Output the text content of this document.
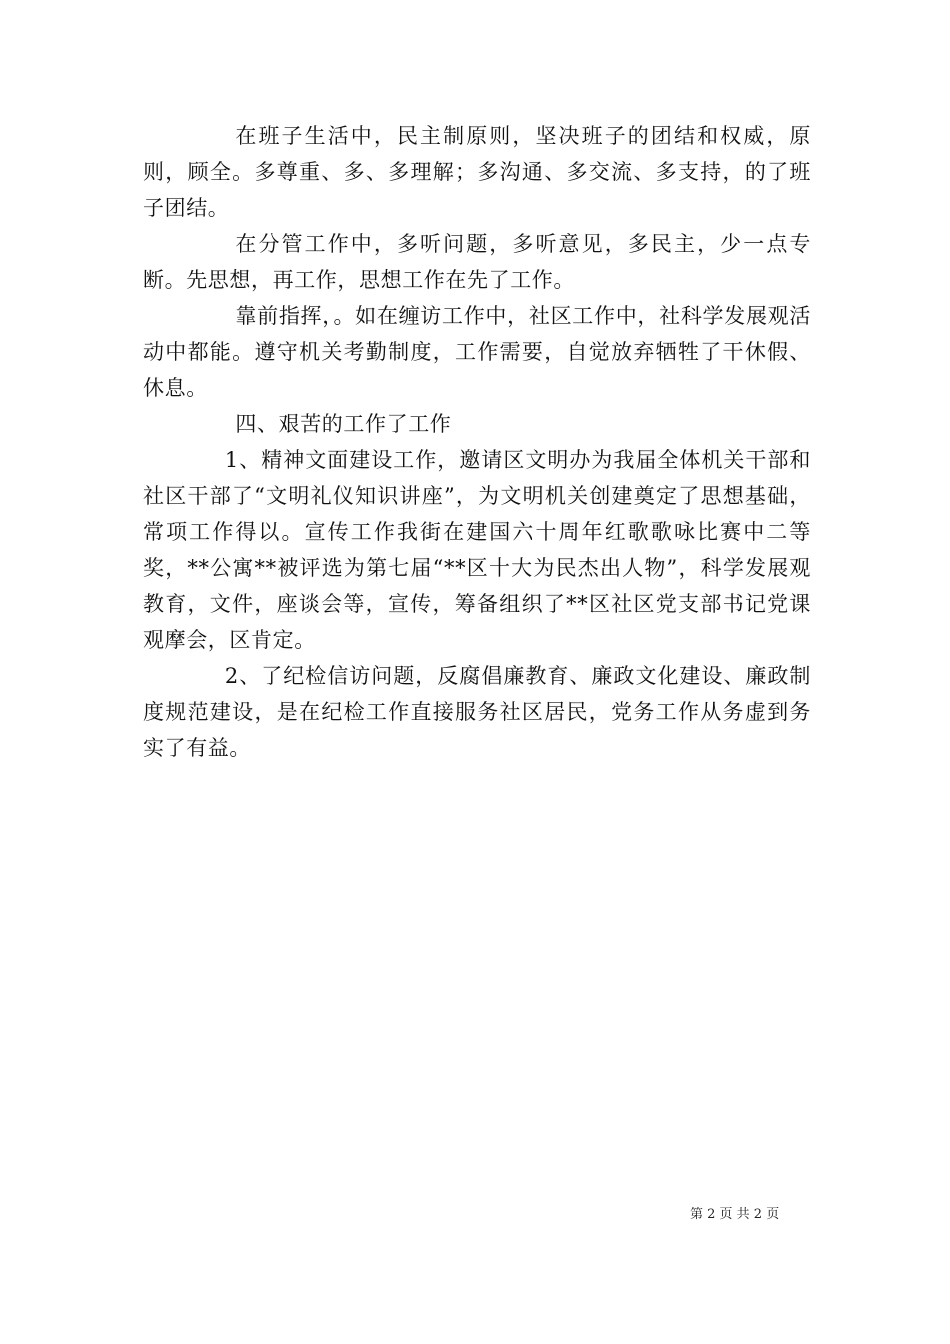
在班子生活中，民主制原则，坚决班子的团结和权威，原则，顾全。多尊重、多、多理解；多沟通、多交流、多支持，的了班子团结。

在分管工作中，多听问题，多听意见，多民主，少一点专断。先思想，再工作，思想工作在先了工作。

靠前指挥，。如在缠访工作中，社区工作中，社科学发展观活动中都能。遵守机关考勤制度，工作需要，自觉放弃牺牲了干休假、休息。

四、艰苦的工作了工作

1、精神文面建设工作，邀请区文明办为我届全体机关干部和社区干部了“文明礼仪知识讲座”，为文明机关创建奠定了思想基础，常项工作得以。宣传工作我街在建国六十周年红歌歌咏比赛中二等奖，**公寓**被评选为第七届“**区十大为民杰出人物”，科学发展观教育，文件，座谈会等，宣传，筹备组织了**区社区党支部书记党课观摩会，区肯定。

2、了纪检信访问题，反腐倡廉教育、廉政文化建设、廉政制度规范建设，是在纪检工作直接服务社区居民，党务工作从务虚到务实了有益。

第 2 页 共 2 页
